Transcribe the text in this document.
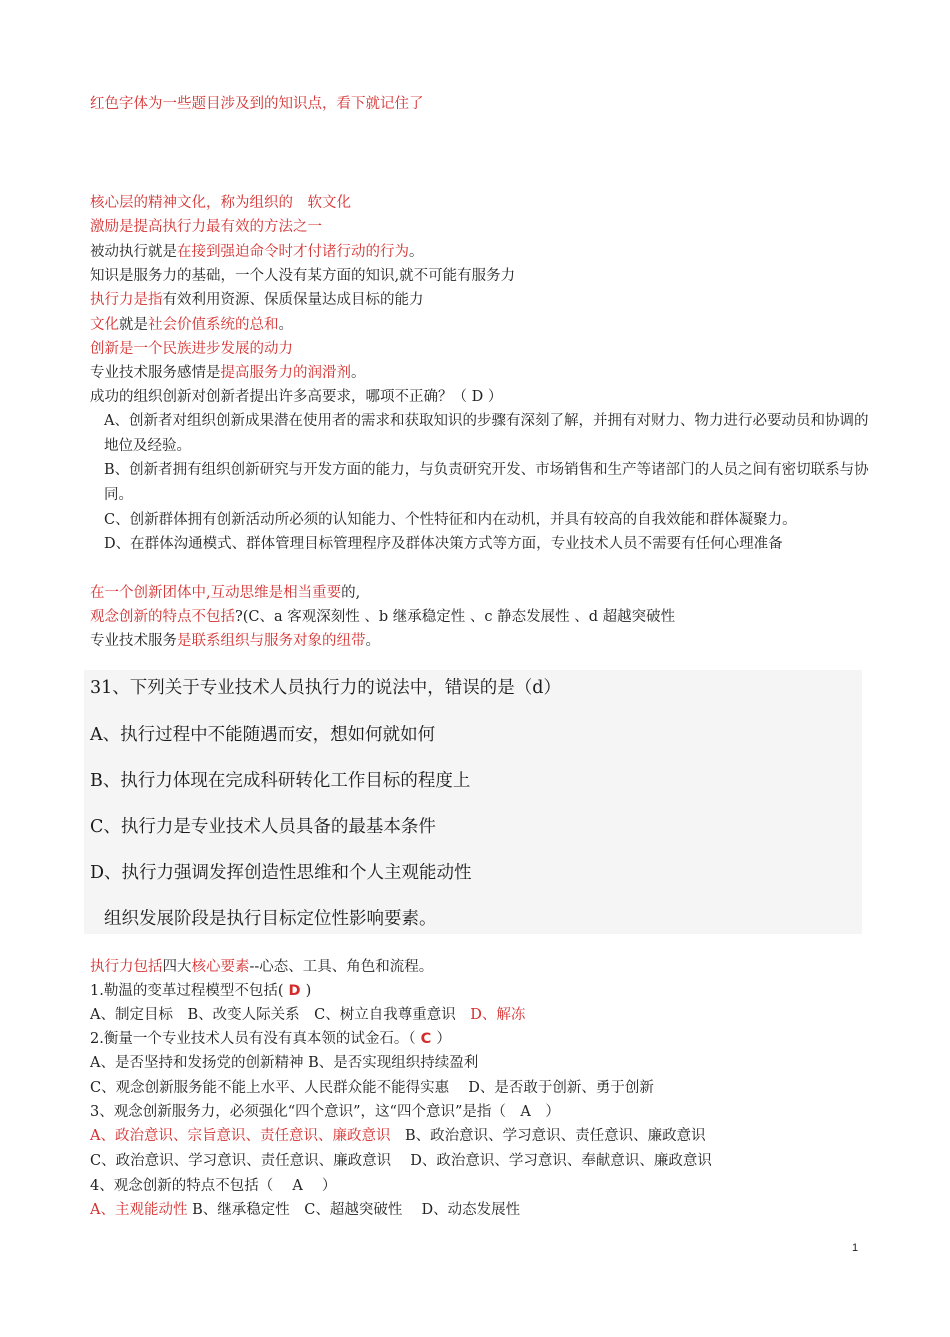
红色字体为一些题目涉及到的知识点，看下就记住了
核心层的精神文化，称为组织的　软文化
激励是提高执行力最有效的方法之一
被动执行就是在接到强迫命令时才付诸行动的行为。
知识是服务力的基础，一个人没有某方面的知识,就不可能有服务力
执行力是指有效利用资源、保质保量达成目标的能力
文化就是社会价值系统的总和。
创新是一个民族进步发展的动力
专业技术服务感情是提高服务力的润滑剂。
成功的组织创新对创新者提出许多高要求，哪项不正确？（ D ）
A、创新者对组织创新成果潜在使用者的需求和获取知识的步骤有深刻了解，并拥有对财力、物力进行必要动员和协调的地位及经验。
B、创新者拥有组织创新研究与开发方面的能力，与负责研究开发、市场销售和生产等诸部门的人员之间有密切联系与协同。
C、创新群体拥有创新活动所必须的认知能力、个性特征和内在动机，并具有较高的自我效能和群体凝聚力。
D、在群体沟通模式、群体管理目标管理程序及群体决策方式等方面，专业技术人员不需要有任何心理准备
在一个创新团体中,互动思维是相当重要的,
观念创新的特点不包括?(C、a 客观深刻性 、b 继承稳定性 、c 静态发展性 、d 超越突破性
专业技术服务是联系组织与服务对象的纽带。
31、下列关于专业技术人员执行力的说法中，错误的是（d）
A、执行过程中不能随遇而安，想如何就如何
B、执行力体现在完成科研转化工作目标的程度上
C、执行力是专业技术人员具备的最基本条件
D、执行力强调发挥创造性思维和个人主观能动性
组织发展阶段是执行目标定位性影响要素。
执行力包括四大核心要素--心态、工具、角色和流程。
1.勒温的变革过程模型不包括( D )
A、制定目标　B、改变人际关系　C、树立自我尊重意识　 D、解冻
2.衡量一个专业技术人员有没有真本领的试金石。（ C ）
A、是否坚持和发扬党的创新精神 B、是否实现组织持续盈利
C、观念创新服务能不能上水平、人民群众能不能得实惠　 D、是否敢于创新、勇于创新
3、观念创新服务力，必须强化“四个意识”，这“四个意识”是指（　A　）
A、政治意识、宗旨意识、责任意识、廉政意识　B、政治意识、学习意识、责任意识、廉政意识
C、政治意识、学习意识、责任意识、廉政意识　 D、政治意识、学习意识、奉献意识、廉政意识
4、观念创新的特点不包括（　 A　 ）
A、主观能动性 B、继承稳定性　C、超越突破性　 D、动态发展性
1
